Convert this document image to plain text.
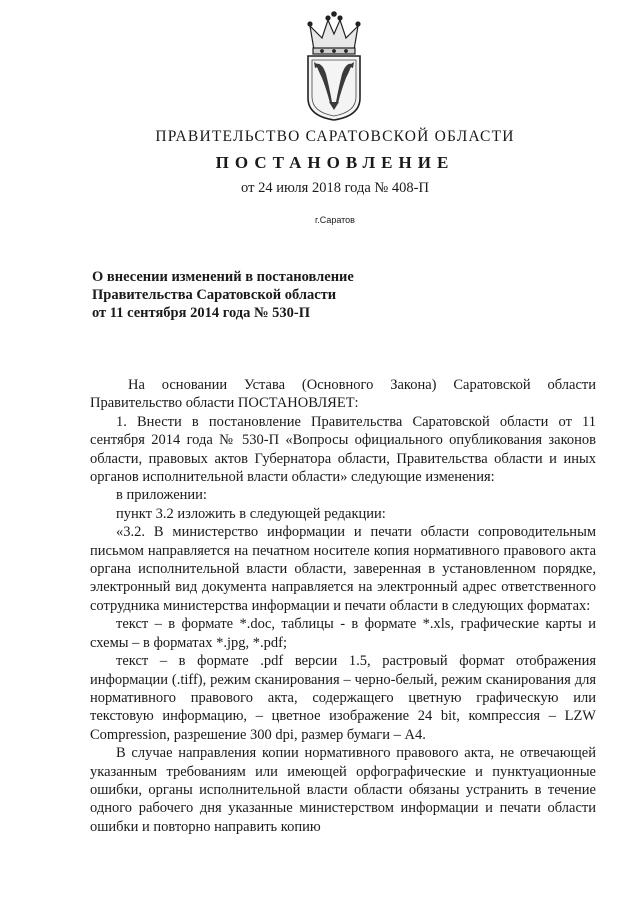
ПРАВИТЕЛЬСТВО САРАТОВСКОЙ ОБЛАСТИ
ПОСТАНОВЛЕНИЕ
от 24 июля 2018 года № 408-П
г.Саратов
О внесении изменений в постановление
Правительства Саратовской области
от 11 сентября 2014 года № 530-П

На основании Устава (Основного Закона) Саратовской области Правительство области ПОСТАНОВЛЯЕТ:

1. Внести в постановление Правительства Саратовской области от 11 сентября 2014 года № 530-П «Вопросы официального опубликования законов области, правовых актов Губернатора области, Правительства области и иных органов исполнительной власти области» следующие изменения:

в приложении:

пункт 3.2 изложить в следующей редакции:

«3.2. В министерство информации и печати области сопроводительным письмом направляется на печатном носителе копия нормативного правового акта органа исполнительной власти области, заверенная в установленном порядке, электронный вид документа направляется на электронный адрес ответственного сотрудника министерства информации и печати области в следующих форматах:

текст – в формате *.doc, таблицы - в формате *.xls, графические карты и схемы – в форматах *.jpg, *.pdf;

текст – в формате .pdf версии 1.5, растровый формат отображения информации (.tiff), режим сканирования – черно-белый, режим сканирования для нормативного правового акта, содержащего цветную графическую или текстовую информацию, – цветное изображение 24 bit, компрессия – LZW Compression, разрешение 300 dpi, размер бумаги – А4.

В случае направления копии нормативного правового акта, не отвечающей указанным требованиям или имеющей орфографические и пунктуационные ошибки, органы исполнительной власти области обязаны устранить в течение одного рабочего дня указанные министерством информации и печати области ошибки и повторно направить копию
